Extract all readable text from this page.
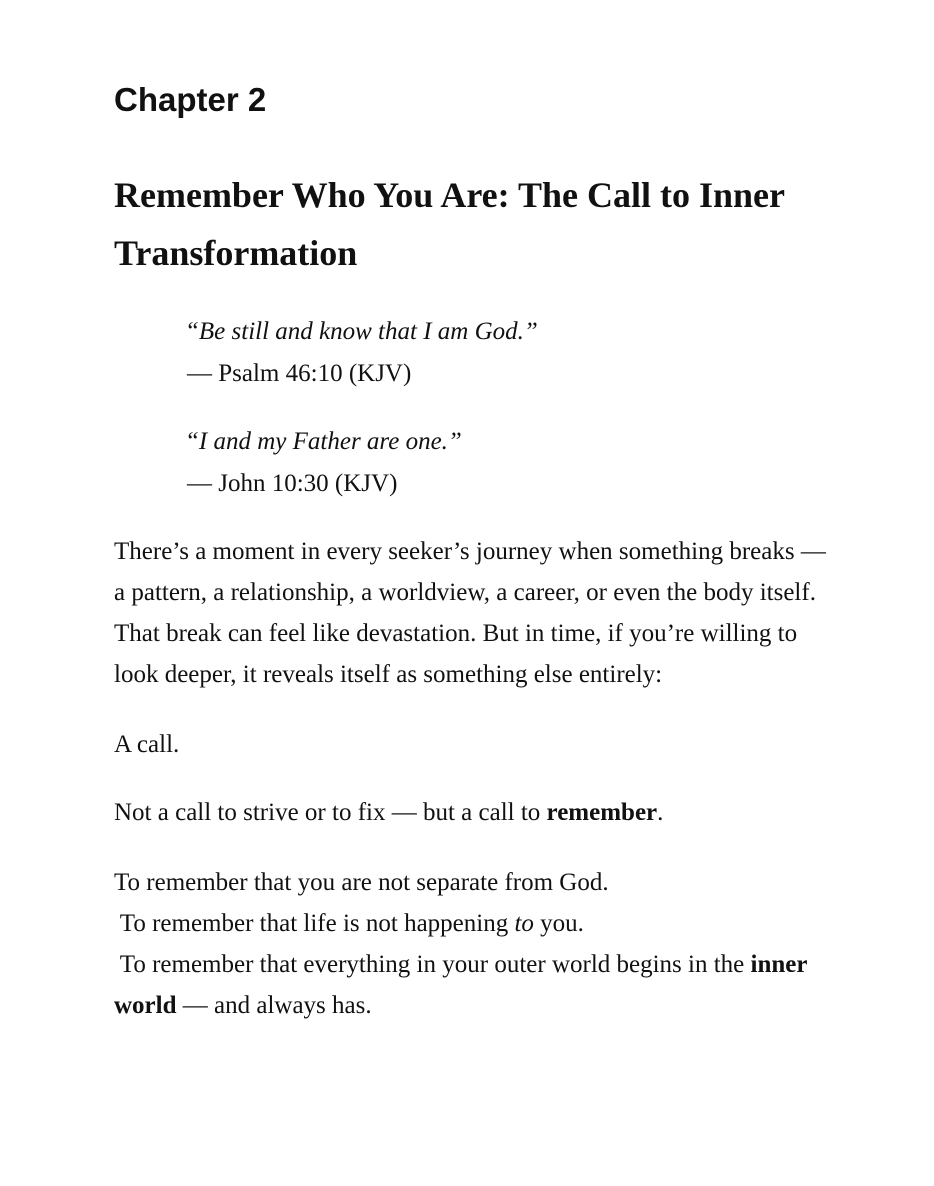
Chapter 2
Remember Who You Are: The Call to Inner Transformation
“Be still and know that I am God.”
— Psalm 46:10 (KJV)
“I and my Father are one.”
— John 10:30 (KJV)

There’s a moment in every seeker’s journey when something breaks —
a pattern, a relationship, a worldview, a career, or even the body itself.
That break can feel like devastation. But in time, if you’re willing to
look deeper, it reveals itself as something else entirely:

A call.

Not a call to strive or to fix — but a call to remember.

To remember that you are not separate from God.
To remember that life is not happening to you.
To remember that everything in your outer world begins in the inner
world — and always has.
